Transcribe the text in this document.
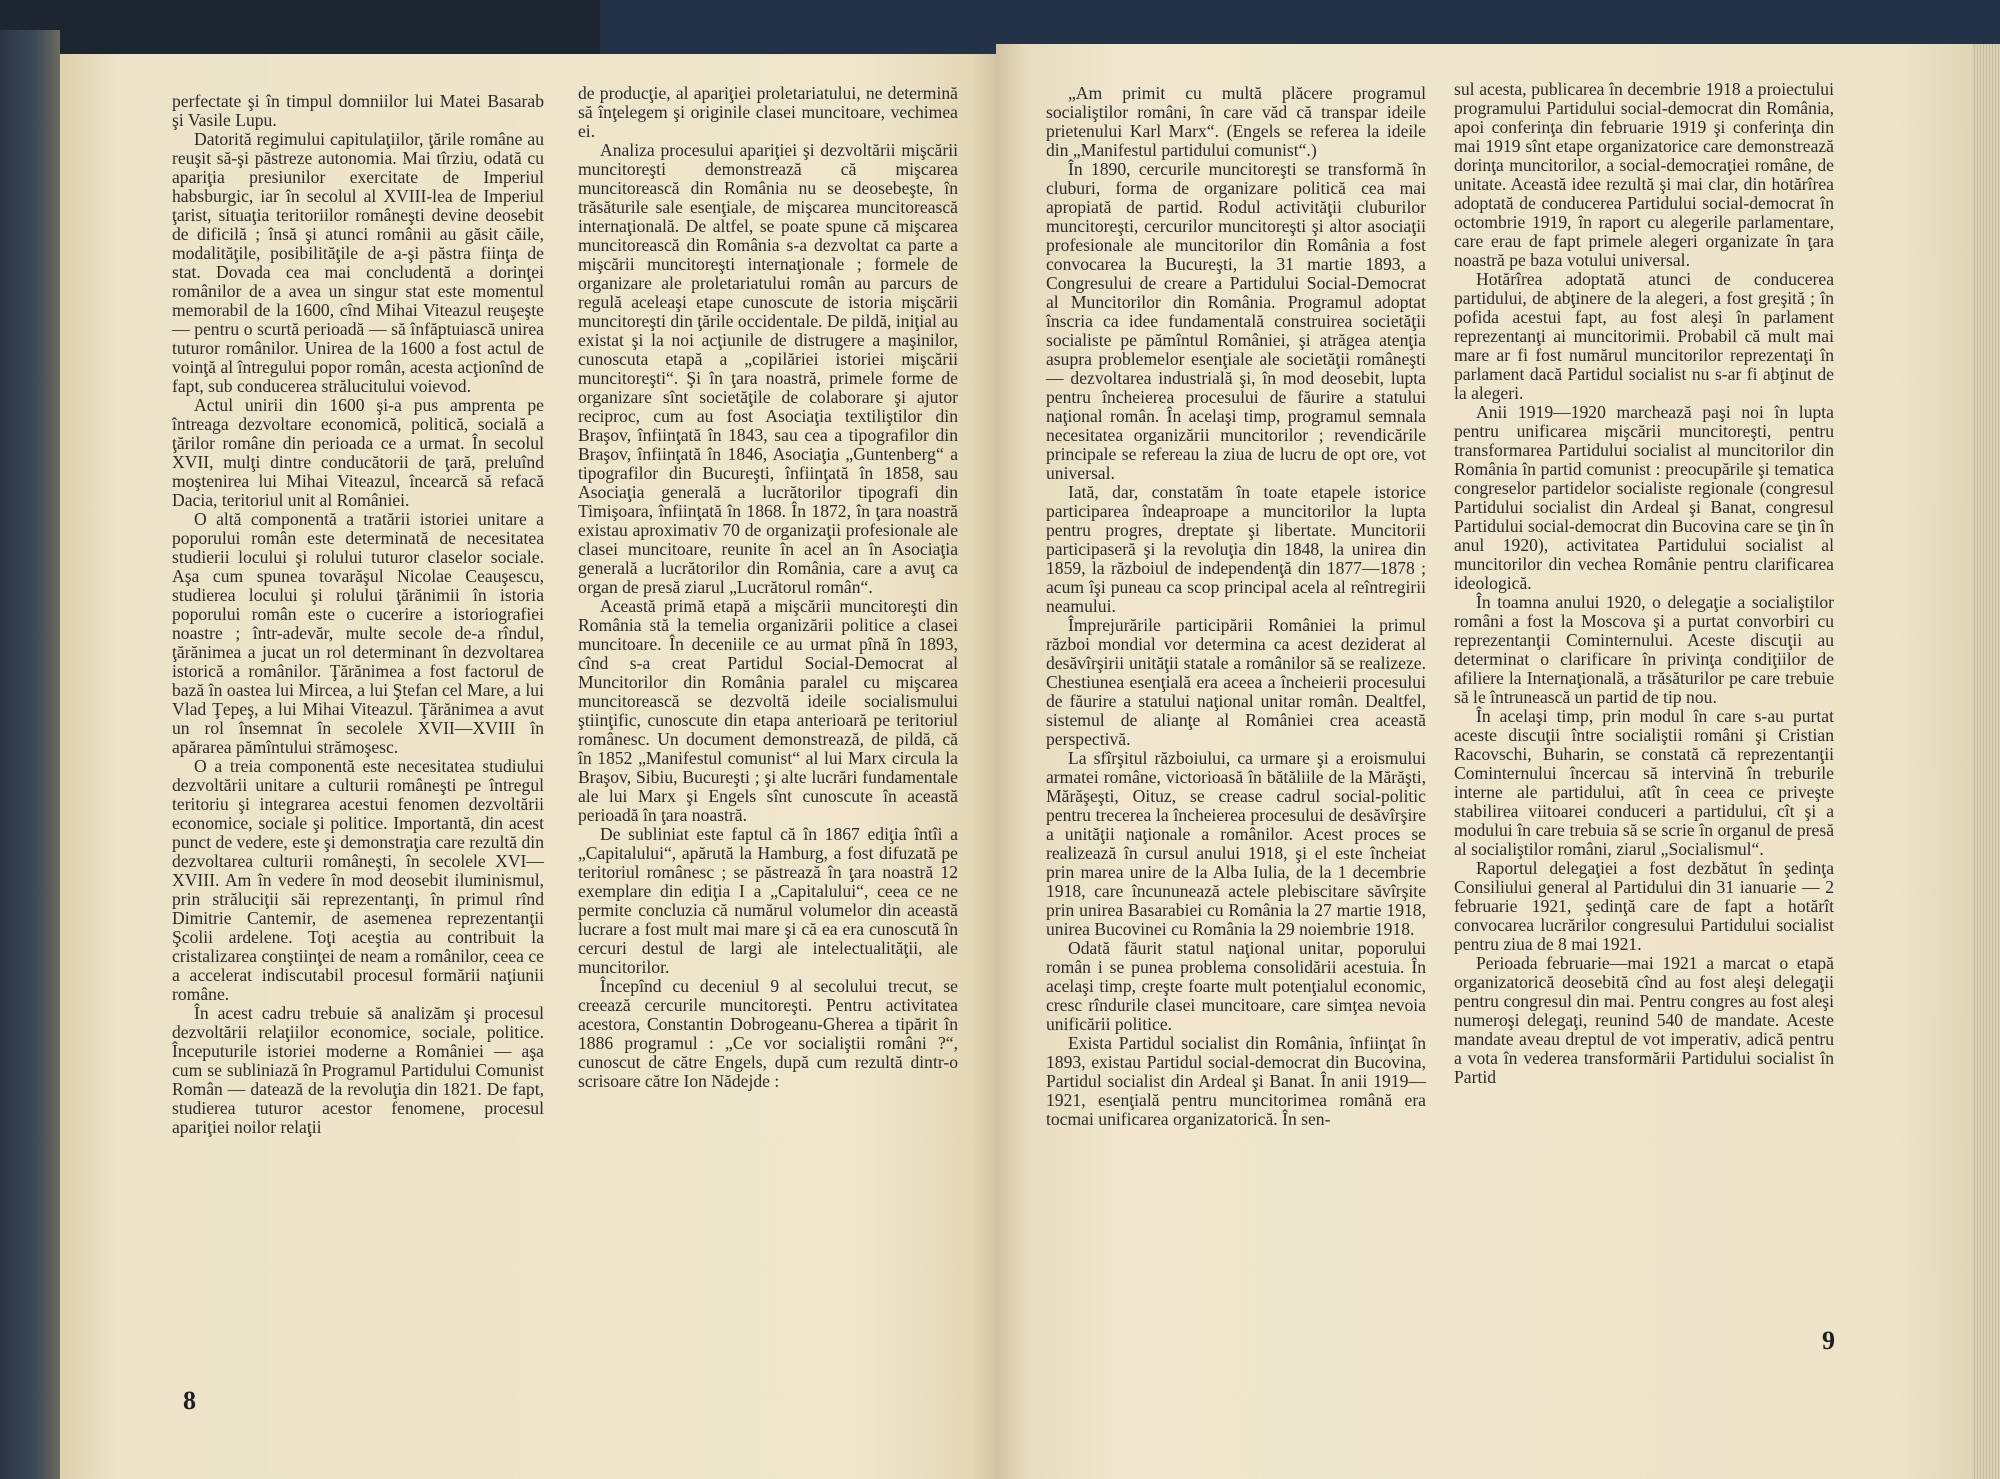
perfectate şi în timpul domniilor lui Matei Basarab şi Vasile Lupu.

Datorită regimului capitulaţiilor, ţările române au reuşit să-şi păstreze autonomia. Mai tîrziu, odată cu apariţia presiunilor exercitate de Imperiul habsburgic, iar în secolul al XVIII-lea de Imperiul ţarist, situaţia teritoriilor româneşti devine deosebit de dificilă ; însă şi atunci românii au găsit căile, modalităţile, posibilităţile de a-şi păstra fiinţa de stat. Dovada cea mai concludentă a dorinţei românilor de a avea un singur stat este momentul memorabil de la 1600, cînd Mihai Viteazul reuşeşte — pentru o scurtă perioadă — să înfăptuiască unirea tuturor românilor. Unirea de la 1600 a fost actul de voinţă al întregului popor român, acesta acţionînd de fapt, sub conducerea strălucitului voievod.

Actul unirii din 1600 şi-a pus amprenta pe întreaga dezvoltare economică, politică, socială a ţărilor române din perioada ce a urmat. În secolul XVII, mulţi dintre conducătorii de ţară, preluînd moştenirea lui Mihai Viteazul, încearcă să refacă Dacia, teritoriul unit al României.

O altă componentă a tratării istoriei unitare a poporului român este determinată de necesitatea studierii locului şi rolului tuturor claselor sociale. Aşa cum spunea tovarăşul Nicolae Ceauşescu, studierea locului şi rolului ţărănimii în istoria poporului român este o cucerire a istoriografiei noastre ; într-adevăr, multe secole de-a rîndul, ţărănimea a jucat un rol determinant în dezvoltarea istorică a românilor. Ţărănimea a fost factorul de bază în oastea lui Mircea, a lui Ştefan cel Mare, a lui Vlad Ţepeş, a lui Mihai Viteazul. Ţărănimea a avut un rol însemnat în secolele XVII—XVIII în apărarea pămîntului strămoşesc.

O a treia componentă este necesitatea studiului dezvoltării unitare a culturii româneşti pe întregul teritoriu şi integrarea acestui fenomen dezvoltării economice, sociale şi politice. Importantă, din acest punct de vedere, este şi demonstraţia care rezultă din dezvoltarea culturii româneşti, în secolele XVI—XVIII. Am în vedere în mod deosebit iluminismul, prin străluciţii săi reprezentanţi, în primul rînd Dimitrie Cantemir, de asemenea reprezentanţii Şcolii ardelene. Toţi aceştia au contribuit la cristalizarea conştiinţei de neam a românilor, ceea ce a accelerat indiscutabil procesul formării naţiunii române.

În acest cadru trebuie să analizăm şi procesul dezvoltării relaţiilor economice, sociale, politice. Începuturile istoriei moderne a României — aşa cum se subliniază în Programul Partidului Comunist Român — datează de la revoluţia din 1821. De fapt, studierea tuturor acestor fenomene, procesul apariţiei noilor relaţii

de producţie, al apariţiei proletariatului, ne determină să înţelegem şi originile clasei muncitoare, vechimea ei.

Analiza procesului apariţiei şi dezvoltării mişcării muncitoreşti demonstrează că mişcarea muncitorească din România nu se deosebeşte, în trăsăturile sale esenţiale, de mişcarea muncitorească internaţională. De altfel, se poate spune că mişcarea muncitorească din România s-a dezvoltat ca parte a mişcării muncitoreşti internaţionale ; formele de organizare ale proletariatului român au parcurs de regulă aceleaşi etape cunoscute de istoria mişcării muncitoreşti din ţările occidentale. De pildă, iniţial au existat şi la noi acţiunile de distrugere a maşinilor, cunoscuta etapă a „copilăriei istoriei mişcării muncitoreşti“. Şi în ţara noastră, primele forme de organizare sînt societăţile de colaborare şi ajutor reciproc, cum au fost Asociaţia textiliştilor din Braşov, înfiinţată în 1843, sau cea a tipografilor din Braşov, înfiinţată în 1846, Asociaţia „Guntenberg“ a tipografilor din Bucureşti, înfiinţată în 1858, sau Asociaţia generală a lucrătorilor tipografi din Timişoara, înfiinţată în 1868. În 1872, în ţara noastră existau aproximativ 70 de organizaţii profesionale ale clasei muncitoare, reunite în acel an în Asociaţia generală a lucrătorilor din România, care a avuţ ca organ de presă ziarul „Lucrătorul român“.

Această primă etapă a mişcării muncitoreşti din România stă la temelia organizării politice a clasei muncitoare. În deceniile ce au urmat pînă în 1893, cînd s-a creat Partidul Social-Democrat al Muncitorilor din România paralel cu mişcarea muncitorească se dezvoltă ideile socialismului ştiinţific, cunoscute din etapa anterioară pe teritoriul românesc. Un document demonstrează, de pildă, că în 1852 „Manifestul comunist“ al lui Marx circula la Braşov, Sibiu, Bucureşti ; şi alte lucrări fundamentale ale lui Marx şi Engels sînt cunoscute în această perioadă în ţara noastră.

De subliniat este faptul că în 1867 ediţia întîi a „Capitalului“, apărută la Hamburg, a fost difuzată pe teritoriul românesc ; se păstrează în ţara noastră 12 exemplare din ediţia I a „Capitalului“, ceea ce ne permite concluzia că numărul volumelor din această lucrare a fost mult mai mare şi că ea era cunoscută în cercuri destul de largi ale intelectualităţii, ale muncitorilor.

Începînd cu deceniul 9 al secolului trecut, se creează cercurile muncitoreşti. Pentru activitatea acestora, Constantin Dobrogeanu-Gherea a tipărit în 1886 programul : „Ce vor socialiştii români ?“, cunoscut de către Engels, după cum rezultă dintr-o scrisoare către Ion Nădejde :

8

„Am primit cu multă plăcere programul socialiştilor români, în care văd că transpar ideile prietenului Karl Marx“. (Engels se referea la ideile din „Manifestul partidului comunist“.)

În 1890, cercurile muncitoreşti se transformă în cluburi, forma de organizare politică cea mai apropiată de partid. Rodul activităţii cluburilor muncitoreşti, cercurilor muncitoreşti şi altor asociaţii profesionale ale muncitorilor din România a fost convocarea la Bucureşti, la 31 martie 1893, a Congresului de creare a Partidului Social-Democrat al Muncitorilor din România. Programul adoptat înscria ca idee fundamentală construirea societăţii socialiste pe pămîntul României, şi atrăgea atenţia asupra problemelor esenţiale ale societăţii româneşti — dezvoltarea industrială şi, în mod deosebit, lupta pentru încheierea procesului de făurire a statului naţional român. În acelaşi timp, programul semnala necesitatea organizării muncitorilor ; revendicările principale se refereau la ziua de lucru de opt ore, vot universal.

Iată, dar, constatăm în toate etapele istorice participarea îndeaproape a muncitorilor la lupta pentru progres, dreptate şi libertate. Muncitorii participaseră şi la revoluţia din 1848, la unirea din 1859, la războiul de independenţă din 1877—1878 ; acum îşi puneau ca scop principal acela al reîntregirii neamului.

Împrejurările participării României la primul război mondial vor determina ca acest deziderat al desăvîrşirii unităţii statale a românilor să se realizeze. Chestiunea esenţială era aceea a încheierii procesului de făurire a statului naţional unitar român. Dealtfel, sistemul de alianţe al României crea această perspectivă.

La sfîrşitul războiului, ca urmare şi a eroismului armatei române, victorioasă în bătăliile de la Mărăşti, Mărăşeşti, Oituz, se crease cadrul social-politic pentru trecerea la încheierea procesului de desăvîrşire a unităţii naţionale a românilor. Acest proces se realizează în cursul anului 1918, şi el este încheiat prin marea unire de la Alba Iulia, de la 1 decembrie 1918, care încununează actele plebiscitare săvîrşite prin unirea Basarabiei cu România la 27 martie 1918, unirea Bucovinei cu România la 29 noiembrie 1918.

Odată făurit statul naţional unitar, poporului român i se punea problema consolidării acestuia. În acelaşi timp, creşte foarte mult potenţialul economic, cresc rîndurile clasei muncitoare, care simţea nevoia unificării politice.

Exista Partidul socialist din România, înfiinţat în 1893, existau Partidul social-democrat din Bucovina, Partidul socialist din Ardeal şi Banat. În anii 1919—1921, esenţială pentru muncitorimea română era tocmai unificarea organizatorică. În sen-

sul acesta, publicarea în decembrie 1918 a proiectului programului Partidului social-democrat din România, apoi conferinţa din februarie 1919 şi conferinţa din mai 1919 sînt etape organizatorice care demonstrează dorinţa muncitorilor, a social-democraţiei române, de unitate. Această idee rezultă şi mai clar, din hotărîrea adoptată de conducerea Partidului social-democrat în octombrie 1919, în raport cu alegerile parlamentare, care erau de fapt primele alegeri organizate în ţara noastră pe baza votului universal.

Hotărîrea adoptată atunci de conducerea partidului, de abţinere de la alegeri, a fost greşită ; în pofida acestui fapt, au fost aleşi în parlament reprezentanţi ai muncitorimii. Probabil că mult mai mare ar fi fost numărul muncitorilor reprezentaţi în parlament dacă Partidul socialist nu s-ar fi abţinut de la alegeri.

Anii 1919—1920 marchează paşi noi în lupta pentru unificarea mişcării muncitoreşti, pentru transformarea Partidului socialist al muncitorilor din România în partid comunist : preocupările şi tematica congreselor partidelor socialiste regionale (congresul Partidului socialist din Ardeal şi Banat, congresul Partidului social-democrat din Bucovina care se ţin în anul 1920), activitatea Partidului socialist al muncitorilor din vechea Românie pentru clarificarea ideologică.

În toamna anului 1920, o delegaţie a socialiştilor români a fost la Moscova şi a purtat convorbiri cu reprezentanţii Cominternului. Aceste discuţii au determinat o clarificare în privinţa condiţiilor de afiliere la Internaţională, a trăsăturilor pe care trebuie să le întrunească un partid de tip nou.

În acelaşi timp, prin modul în care s-au purtat aceste discuţii între socialiştii români şi Cristian Racovschi, Buharin, se constată că reprezentanţii Cominternului încercau să intervină în treburile interne ale partidului, atît în ceea ce priveşte stabilirea viitoarei conduceri a partidului, cît şi a modului în care trebuia să se scrie în organul de presă al socialiştilor români, ziarul „Socialismul“.

Raportul delegaţiei a fost dezbătut în şedinţa Consiliului general al Partidului din 31 ianuarie — 2 februarie 1921, şedinţă care de fapt a hotărît convocarea lucrărilor congresului Partidului socialist pentru ziua de 8 mai 1921.

Perioada februarie—mai 1921 a marcat o etapă organizatorică deosebită cînd au fost aleşi delegaţii pentru congresul din mai. Pentru congres au fost aleşi numeroşi delegaţi, reunind 540 de mandate. Aceste mandate aveau dreptul de vot imperativ, adică pentru a vota în vederea transformării Partidului socialist în Partid

9
